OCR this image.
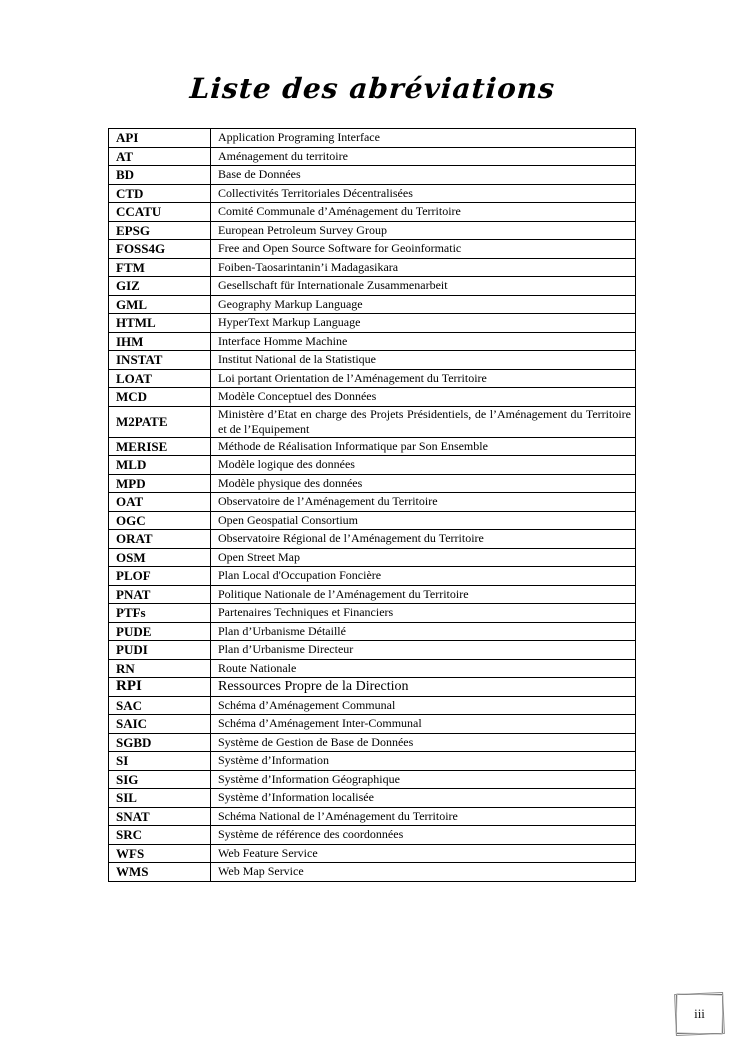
Liste des abréviations
API	Application Programing Interface
AT	Aménagement du territoire
BD	Base de Données
CTD	Collectivités Territoriales Décentralisées
CCATU	Comité Communale d’Aménagement du Territoire
EPSG	European Petroleum Survey Group
FOSS4G	Free and Open Source Software for Geoinformatic
FTM	Foiben-Taosarintanin’i Madagasikara
GIZ	Gesellschaft für Internationale Zusammenarbeit
GML	Geography Markup Language
HTML	HyperText Markup Language
IHM	Interface Homme Machine
INSTAT	Institut National de la Statistique
LOAT	Loi portant Orientation de l’Aménagement du Territoire
MCD	Modèle Conceptuel des Données
M2PATE	Ministère d’Etat en charge des Projets Présidentiels, de l’Aménagement du Territoire et de l’Equipement
MERISE	Méthode de Réalisation Informatique par Son Ensemble
MLD	Modèle logique des données
MPD	Modèle physique des données
OAT	Observatoire de l’Aménagement du Territoire
OGC	Open Geospatial Consortium
ORAT	Observatoire Régional de l’Aménagement du Territoire
OSM	Open Street Map
PLOF	Plan Local d'Occupation Foncière
PNAT	Politique Nationale de l’Aménagement du Territoire
PTFs	Partenaires Techniques et Financiers
PUDE	Plan d’Urbanisme Détaillé
PUDI	Plan d’Urbanisme Directeur
RN	Route Nationale
RPI	Ressources Propre de la Direction
SAC	Schéma d’Aménagement Communal
SAIC	Schéma d’Aménagement Inter-Communal
SGBD	Système de Gestion de Base de Données
SI	Système d’Information
SIG	Système d’Information Géographique
SIL	Système d’Information localisée
SNAT	Schéma National de l’Aménagement du Territoire
SRC	Système de référence des coordonnées
WFS	Web Feature Service
WMS	Web Map Service
iii
